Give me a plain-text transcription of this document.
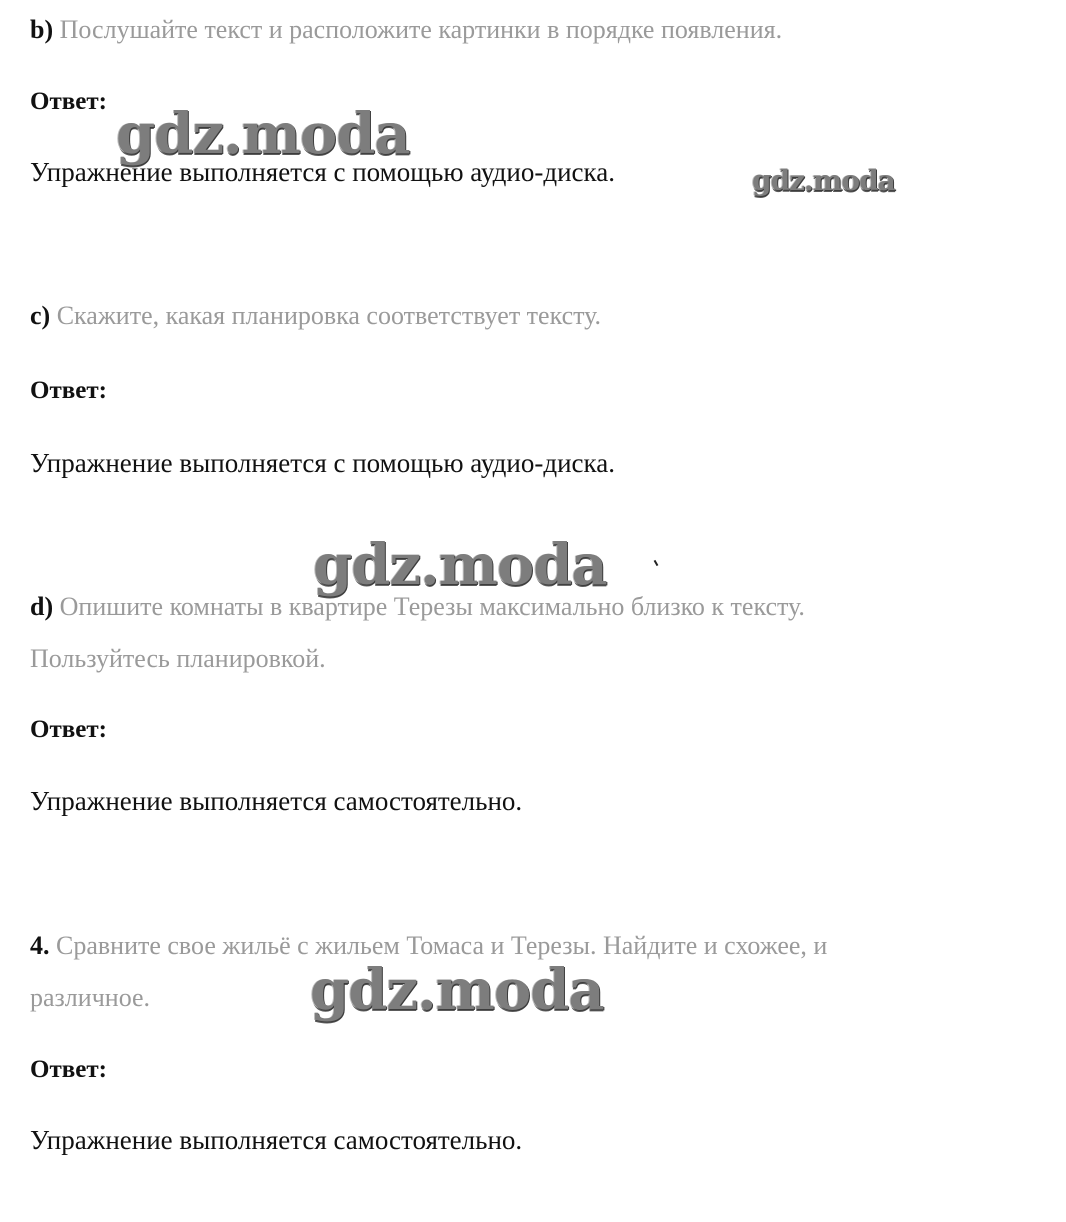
b) Послушайте текст и расположите картинки в порядке появления.
Ответ:
Упражнение выполняется с помощью аудио-диска.
c) Скажите, какая планировка соответствует тексту.
Ответ:
Упражнение выполняется с помощью аудио-диска.
d) Опишите комнаты в квартире Терезы максимально близко к тексту.
Пользуйтесь планировкой.
Ответ:
Упражнение выполняется самостоятельно.
4. Сравните свое жильё с жильем Томаса и Терезы. Найдите и схожее, и
различное.
Ответ:
Упражнение выполняется самостоятельно.
gdz.moda
gdz.moda
gdz.moda
gdz.moda
